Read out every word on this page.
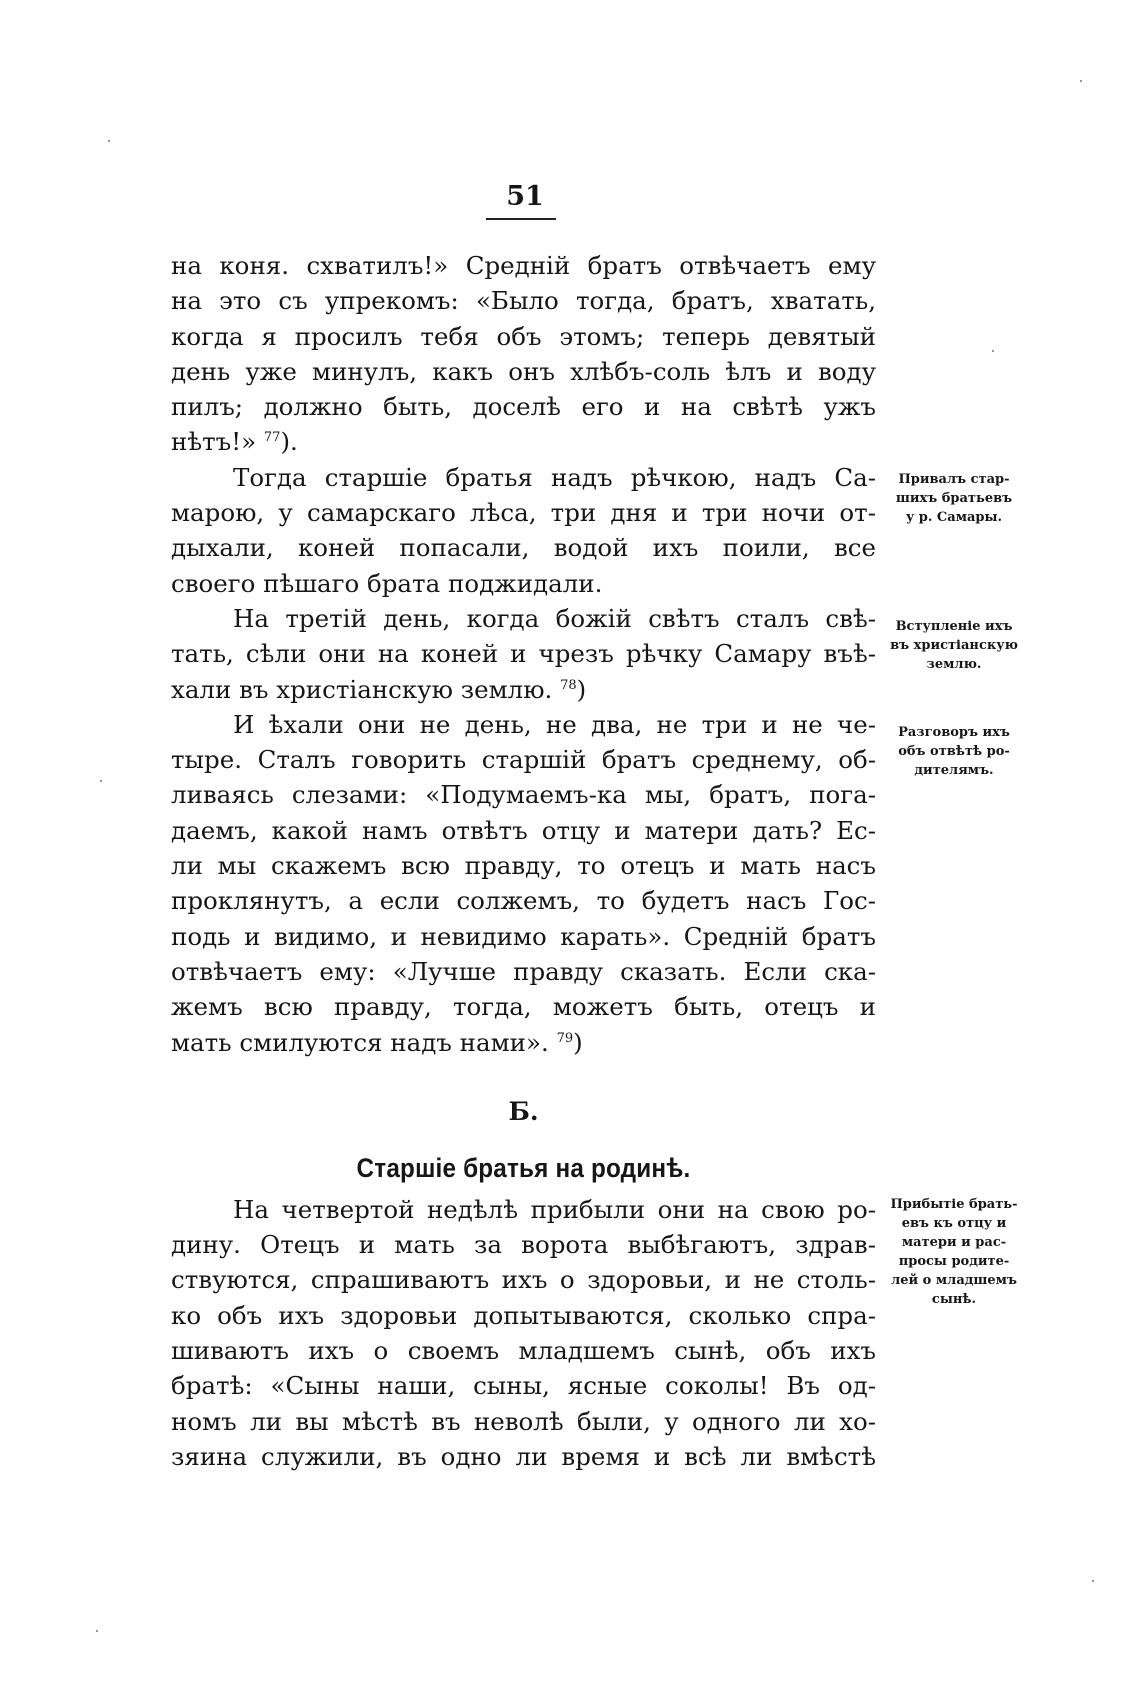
51
на коня. схватилъ!» Средній братъ отвѣчаетъ ему
на это съ упрекомъ: «Было тогда, братъ, хватать,
когда я просилъ тебя объ этомъ; теперь девятый
день уже минулъ, какъ онъ хлѣбъ-соль ѣлъ и воду
пилъ; должно быть, доселѣ его и на свѣтѣ ужъ
нѣтъ!» $^{77}$).
Тогда старшіе братья надъ рѣчкою, надъ Са-
марою, у самарскаго лѣса, три дня и три ночи от-
дыхали, коней попасали, водой ихъ поили, все
своего пѣшаго брата поджидали.
На третій день, когда божій свѣтъ сталъ свѣ-
тать, сѣли они на коней и чрезъ рѣчку Самару въѣ-
хали въ христіанскую землю. $^{78}$)
И ѣхали они не день, не два, не три и не че-
тыре. Сталъ говорить старшій братъ среднему, об-
ливаясь слезами: «Подумаемъ-ка мы, братъ, пога-
даемъ, какой намъ отвѣтъ отцу и матери дать? Ес-
ли мы скажемъ всю правду, то отецъ и мать насъ
проклянутъ, а если солжемъ, то будетъ насъ Гос-
подь и видимо, и невидимо карать». Средній братъ
отвѣчаетъ ему: «Лучше правду сказать. Если ска-
жемъ всю правду, тогда, можетъ быть, отецъ и
мать смилуются надъ нами». $^{79}$)
Б.
Старшіе братья на родинѣ.
На четвертой недѣлѣ прибыли они на свою ро-
дину. Отецъ и мать за ворота выбѣгаютъ, здрав-
ствуются, спрашиваютъ ихъ о здоровьи, и не столь-
ко объ ихъ здоровьи допытываются, сколько спра-
шиваютъ ихъ о своемъ младшемъ сынѣ, объ ихъ
братѣ: «Сыны наши, сыны, ясные соколы! Въ од-
номъ ли вы мѣстѣ въ неволѣ были, у одного ли хо-
зяина служили, въ одно ли время и всѣ ли вмѣстѣ
Привалъ стар-
шихъ братьевъ
у р. Самары.
Вступленіе ихъ
въ христіанскую
землю.
Разговоръ ихъ
объ отвѣтѣ ро-
дителямъ.
Прибытіе брать-
евъ къ отцу и
матери и рас-
просы родите-
лей о младшемъ
сынѣ.
